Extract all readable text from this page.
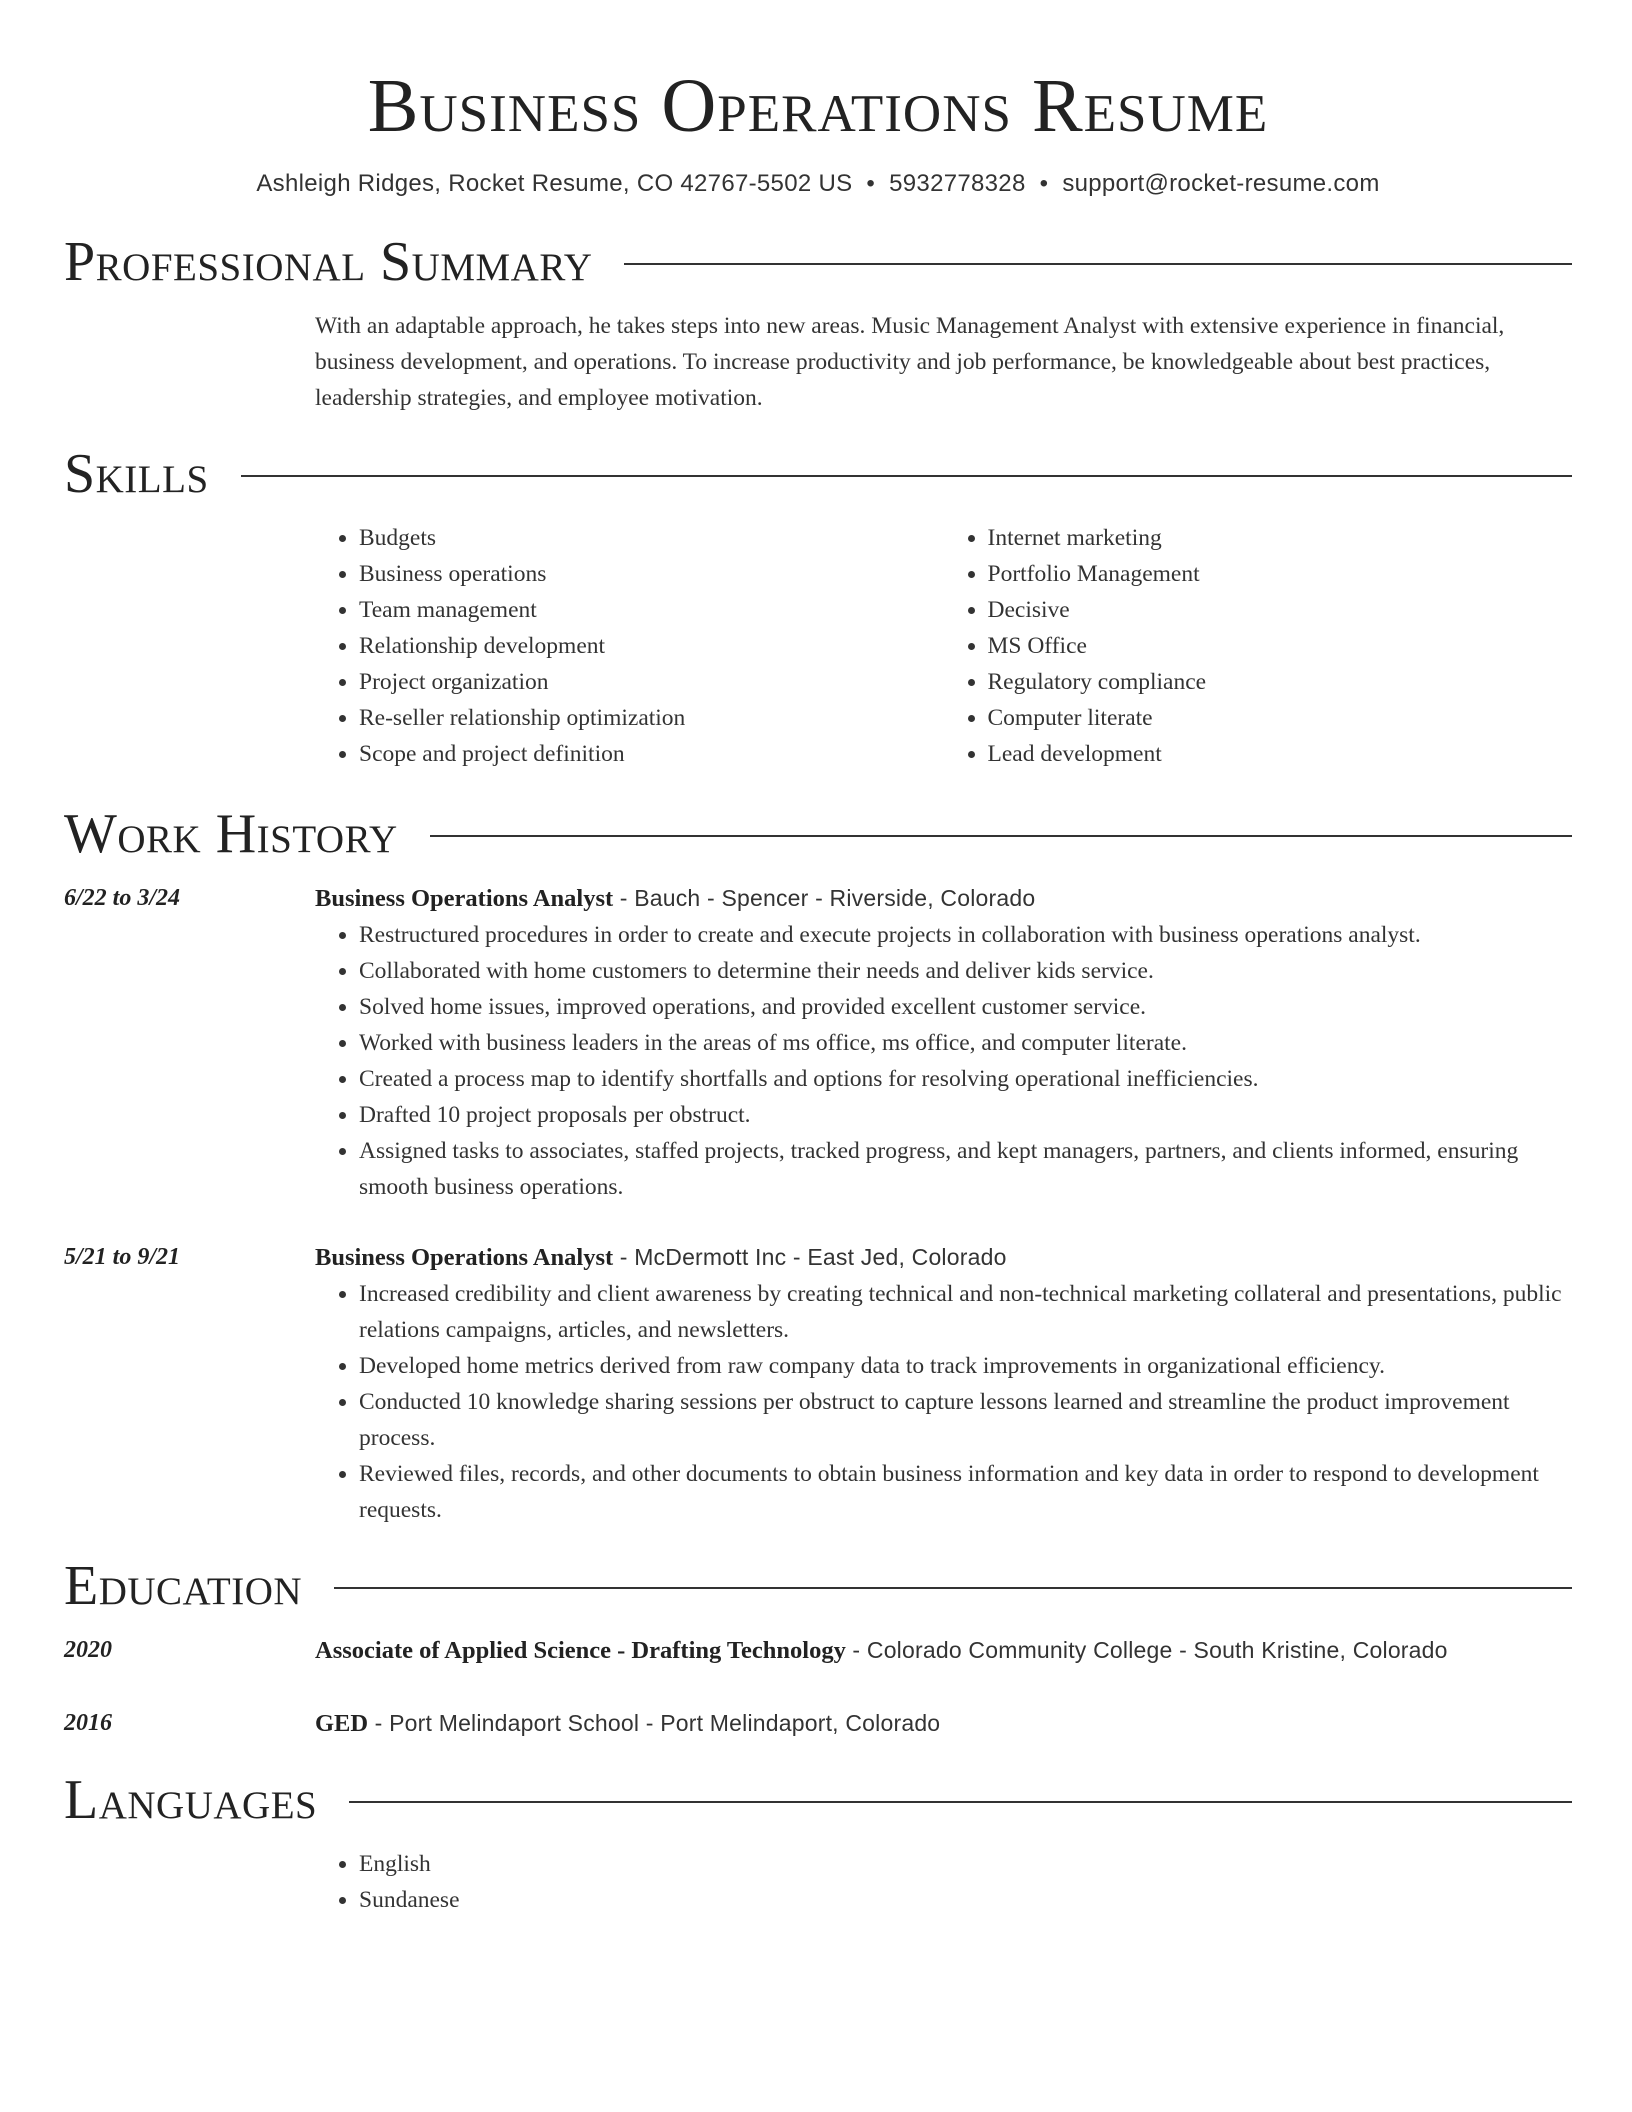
Business Operations Resume
Ashleigh Ridges, Rocket Resume, CO 42767-5502 US • 5932778328 • support@rocket-resume.com
Professional Summary

With an adaptable approach, he takes steps into new areas. Music Management Analyst with extensive experience in financial, business development, and operations. To increase productivity and job performance, be knowledgeable about best practices, leadership strategies, and employee motivation.

Skills
• Budgets
• Business operations
• Team management
• Relationship development
• Project organization
• Re-seller relationship optimization
• Scope and project definition
• Internet marketing
• Portfolio Management
• Decisive
• MS Office
• Regulatory compliance
• Computer literate
• Lead development
Work History
6/22 to 3/24	Business Operations Analyst - Bauch - Spencer - Riverside, Colorado
• Restructured procedures in order to create and execute projects in collaboration with business operations analyst.
• Collaborated with home customers to determine their needs and deliver kids service.
• Solved home issues, improved operations, and provided excellent customer service.
• Worked with business leaders in the areas of ms office, ms office, and computer literate.
• Created a process map to identify shortfalls and options for resolving operational inefficiencies.
• Drafted 10 project proposals per obstruct.
• Assigned tasks to associates, staffed projects, tracked progress, and kept managers, partners, and clients informed, ensuring smooth business operations.
5/21 to 9/21	Business Operations Analyst - McDermott Inc - East Jed, Colorado
• Increased credibility and client awareness by creating technical and non-technical marketing collateral and presentations, public relations campaigns, articles, and newsletters.
• Developed home metrics derived from raw company data to track improvements in organizational efficiency.
• Conducted 10 knowledge sharing sessions per obstruct to capture lessons learned and streamline the product improvement process.
• Reviewed files, records, and other documents to obtain business information and key data in order to respond to development requests.
Education
2020	Associate of Applied Science - Drafting Technology - Colorado Community College - South Kristine, Colorado
2016	GED - Port Melindaport School - Port Melindaport, Colorado
Languages
• English
• Sundanese
